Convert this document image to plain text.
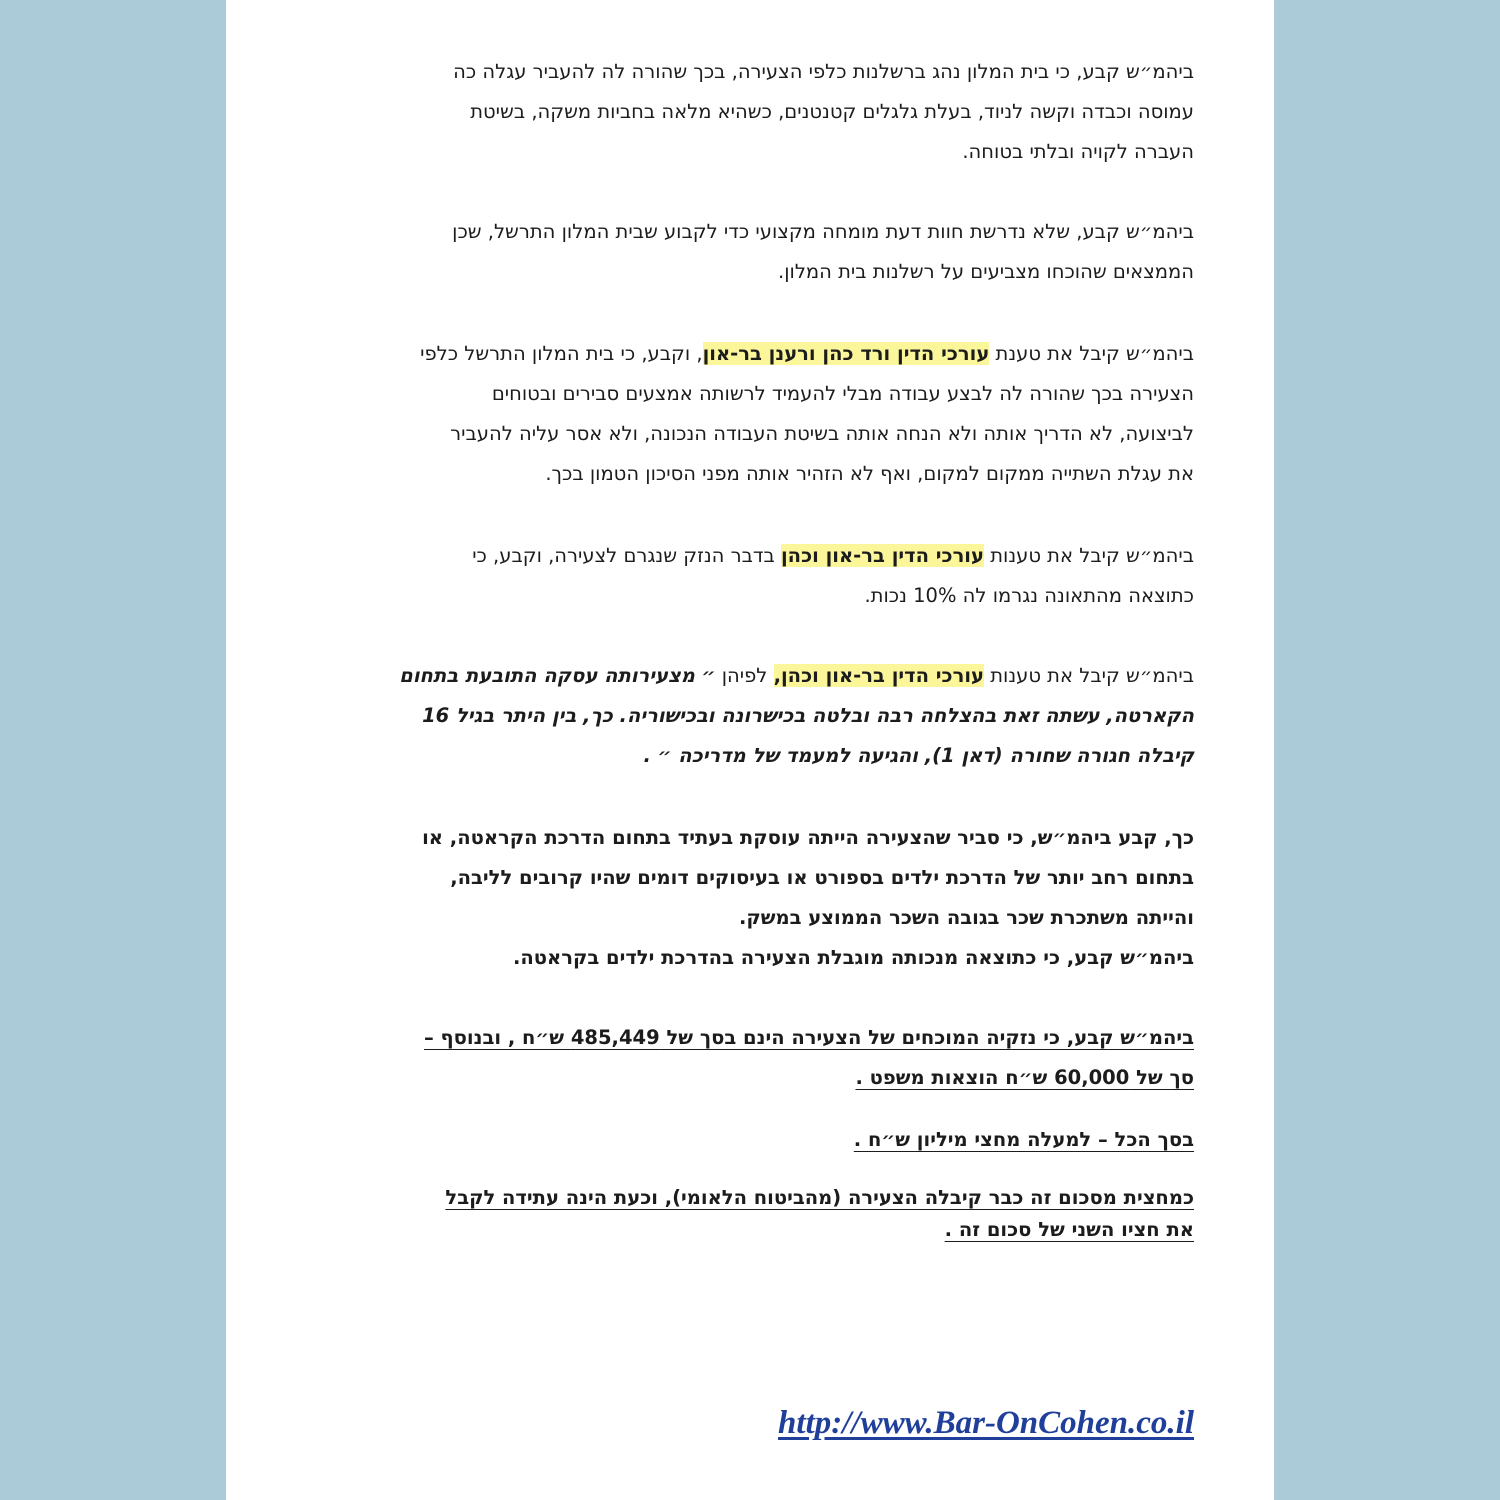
ביהמ״ש קבע, כי בית המלון נהג ברשלנות כלפי הצעירה, בכך שהורה לה להעביר עגלה כה
עמוסה וכבדה וקשה לניוד, בעלת גלגלים קטנטנים, כשהיא מלאה בחביות משקה, בשיטת
העברה לקויה ובלתי בטוחה.
ביהמ״ש קבע, שלא נדרשת חוות דעת מומחה מקצועי כדי לקבוע שבית המלון התרשל, שכן
הממצאים שהוכחו מצביעים על רשלנות בית המלון.
ביהמ״ש קיבל את טענת עורכי הדין ורד כהן ורענן בר-און, וקבע, כי בית המלון התרשל כלפי
הצעירה בכך שהורה לה לבצע עבודה מבלי להעמיד לרשותה אמצעים סבירים ובטוחים
לביצועה, לא הדריך אותה ולא הנחה אותה בשיטת העבודה הנכונה, ולא אסר עליה להעביר
את עגלת השתייה ממקום למקום, ואף לא הזהיר אותה מפני הסיכון הטמון בכך.
ביהמ״ש קיבל את טענות עורכי הדין בר-און וכהן בדבר הנזק שנגרם לצעירה, וקבע, כי
כתוצאה מהתאונה נגרמו לה 10% נכות.
ביהמ״ש קיבל את טענות עורכי הדין בר-און וכהן, לפיהן ״ מצעירותה עסקה התובעת בתחום
הקארטה, עשתה זאת בהצלחה רבה ובלטה בכישרונה ובכישוריה. כך, בין היתר בגיל 16
קיבלה חגורה שחורה (דאן 1), והגיעה למעמד של מדריכה ״ .
כך, קבע ביהמ״ש, כי סביר שהצעירה הייתה עוסקת בעתיד בתחום הדרכת הקראטה, או
בתחום רחב יותר של הדרכת ילדים בספורט או בעיסוקים דומים שהיו קרובים לליבה,
והייתה משתכרת שכר בגובה השכר הממוצע במשק.
ביהמ״ש קבע, כי כתוצאה מנכותה מוגבלת הצעירה בהדרכת ילדים בקראטה.
ביהמ״ש קבע, כי נזקיה המוכחים של הצעירה הינם בסך של 485,449 ש״ח , ובנוסף –
סך של 60,000 ש״ח הוצאות משפט .
בסך הכל – למעלה מחצי מיליון ש״ח .
כמחצית מסכום זה כבר קיבלה הצעירה (מהביטוח הלאומי), וכעת הינה עתידה לקבל
את חציו השני של סכום זה .
http://www.Bar-OnCohen.co.il
